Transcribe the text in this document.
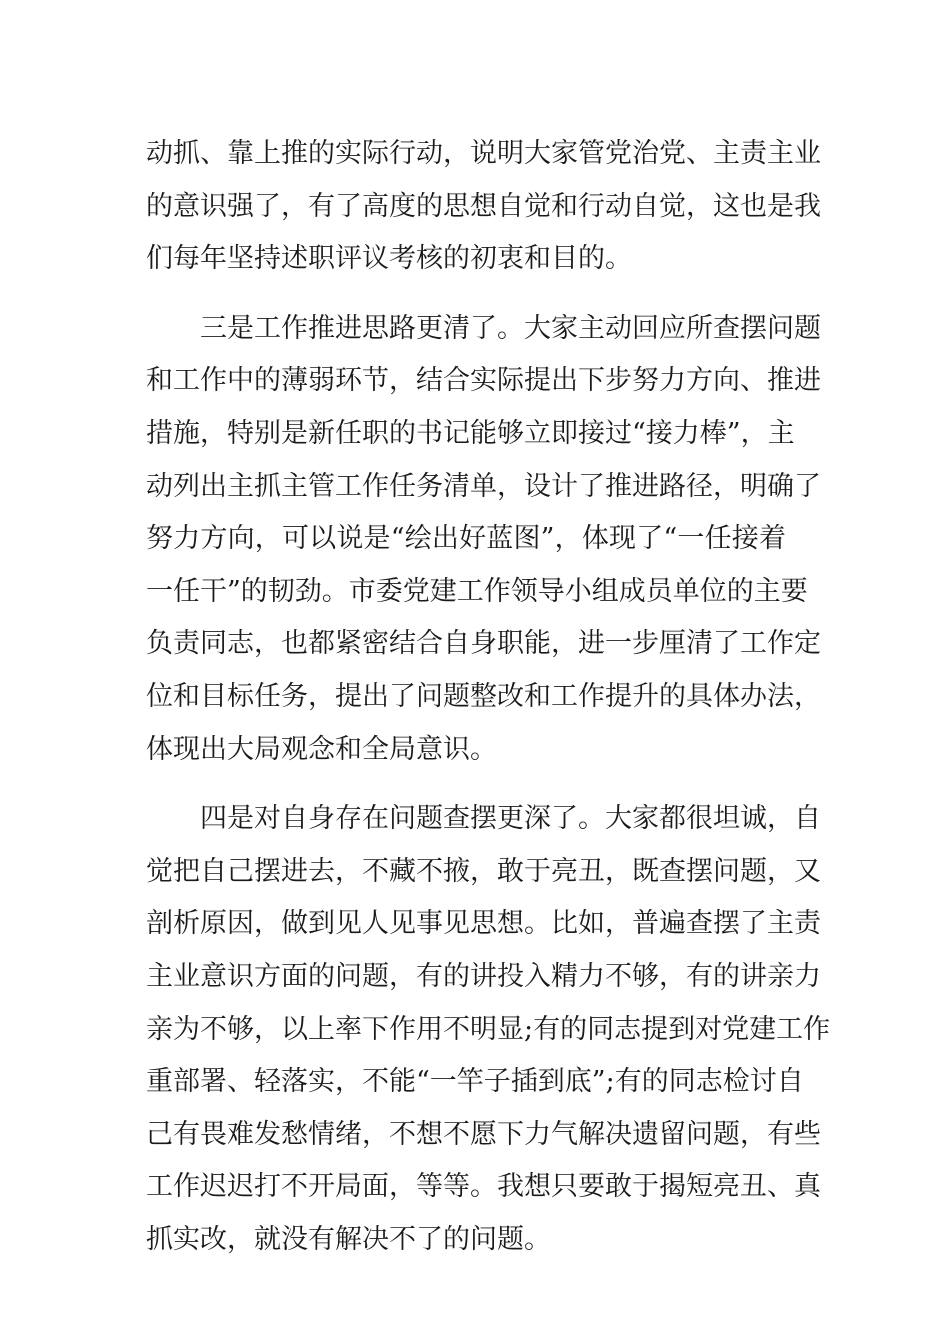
动抓、靠上推的实际行动，说明大家管党治党、主责主业
的意识强了，有了高度的思想自觉和行动自觉，这也是我
们每年坚持述职评议考核的初衷和目的。
三是工作推进思路更清了。大家主动回应所查摆问题
和工作中的薄弱环节，结合实际提出下步努力方向、推进
措施，特别是新任职的书记能够立即接过“接力棒”，主
动列出主抓主管工作任务清单，设计了推进路径，明确了
努力方向，可以说是“绘出好蓝图”，体现了“一任接着
一任干”的韧劲。市委党建工作领导小组成员单位的主要
负责同志，也都紧密结合自身职能，进一步厘清了工作定
位和目标任务，提出了问题整改和工作提升的具体办法，
体现出大局观念和全局意识。
四是对自身存在问题查摆更深了。大家都很坦诚，自
觉把自己摆进去，不藏不掖，敢于亮丑，既查摆问题，又
剖析原因，做到见人见事见思想。比如，普遍查摆了主责
主业意识方面的问题，有的讲投入精力不够，有的讲亲力
亲为不够，以上率下作用不明显;有的同志提到对党建工作
重部署、轻落实，不能“一竿子插到底”;有的同志检讨自
己有畏难发愁情绪，不想不愿下力气解决遗留问题，有些
工作迟迟打不开局面，等等。我想只要敢于揭短亮丑、真
抓实改，就没有解决不了的问题。
